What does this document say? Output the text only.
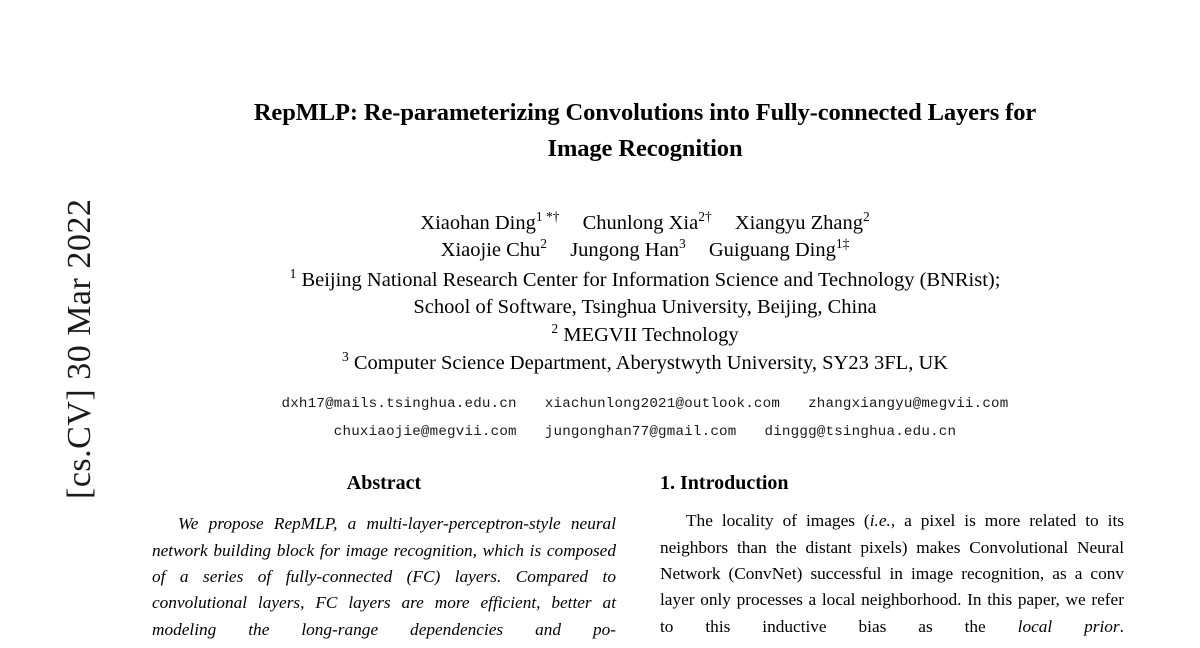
[cs.CV] 30 Mar 2022
RepMLP: Re-parameterizing Convolutions into Fully-connected Layers for
Image Recognition
Xiaohan Ding$^{1 *\dagger}$ Chunlong Xia$^{2\dagger}$ Xiangyu Zhang$^2$
Xiaojie Chu$^2$ Jungong Han$^3$ Guiguang Ding$^{1\ddagger}$
$^1$ Beijing National Research Center for Information Science and Technology (BNRist);
School of Software, Tsinghua University, Beijing, China
$^2$ MEGVII Technology
$^3$ Computer Science Department, Aberystwyth University, SY23 3FL, UK
dxh17@mails.tsinghua.edu.cn xiachunlong2021@outlook.com zhangxiangyu@megvii.com
chuxiaojie@megvii.com jungonghan77@gmail.com dinggg@tsinghua.edu.cn
Abstract

We propose RepMLP, a multi-layer-perceptron-style neural network building block for image recognition, which is composed of a series of fully-connected (FC) layers. Compared to convolutional layers, FC layers are more efficient, better at modeling the long-range dependencies and po-

1. Introduction

The locality of images (i.e., a pixel is more related to its neighbors than the distant pixels) makes Convolutional Neural Network (ConvNet) successful in image recognition, as a conv layer only processes a local neighborhood. In this paper, we refer to this inductive bias as the local prior.
